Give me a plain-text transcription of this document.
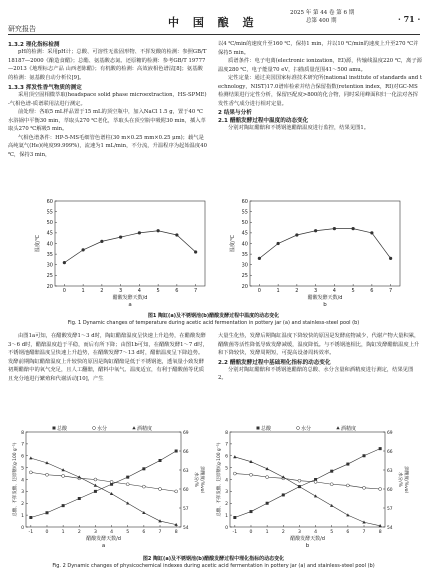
研究报告	中 国 酿 造
2025 年 第 44 卷 第 6 期
总第 400 期	· 71 ·
1.3.2 理化指标检测
pH的检测：采用pH计；总酸、可溶性无盐固形物、不挥发酸的检测：参照GB/T 18187—2000《酿造食醋》；总酯、氨基酸态氮、还原糖的检测：参考GB/T 19777—2013《地理标志产品 山西老陈醋》；有机酸的检测：高效液相色谱法[8]；氨基酸的检测：氨基酸自动分析仪[9]。
1.3.3 挥发性香气物质的测定
采用顶空固相微萃取(headspace solid phase microextraction，HS-SPME)-气相色谱-质谱联用法进行测定。
前处理：各取5 mL样品置于15 mL的顶空瓶中，加入NaCl 1.5 g，置于40 ℃水浴锅中平衡30 min，萃取头270 ℃老化，萃取头在顶空瓶中吸附30 min，插入萃取头270 ℃解吸5 min。
气相色谱条件：HP-5-MS毛细管色谱柱(30 m×0.25 mm×0.25 μm)；载气是高纯氦气(He)(纯度99.999%)，流速为1 mL/min，不分流，升温程序为起始温度40 ℃，保持3 min，
以4 ℃/min的速度升至160 ℃，保持1 min，并以10 ℃/min的速度上升至270 ℃并保持5 min。
质谱条件：电子电离(electronic ionization，EI)源，传输线温度220 ℃，离子源温度280 ℃，电子能量70 eV，扫描质量范围41～500 amu。
定性定量：通过美国国家标准技术研究所(national institute of standards and technology，NIST)17.0谱库检索并结合保留指数(retention index，RI)对GC-MS检测结果进行定性分析，保留匹配度>800的化合物，同时采用峰面积归一化法对各挥发性香气成分进行相对定量。
2 结果与分析
2.1 醋醅发酵过程中温度的动态变化
分别对陶缸醋醅和不锈钢池醋醅温度进行监控，结果见图1。
60
55
50
45
40
35
30
25
20
0	1	2	3	4	5	6	7
醋酸发酵天数/d
温度/℃
a
60
55
50
45
40
35
30
25
20
0	1	2	3	4	5	6	7
醋酸发酵天数/d
温度/℃
b
图1 陶缸(a)及不锈钢池(b)醋酸发酵过程中温度的动态变化
Fig. 1 Dynamic changes of temperature during acetic acid fermentation in pottery jar (a) and stainless-steel pool (b)
由图1a可知，在醋酸发酵1～3 d时，陶缸醋醅温度呈快速上升趋势，在醋酸发酵3～6 d时，醋醅温度趋于平稳，而后有所下降；由图1b可知，在醋酸发酵1～7 d时，不锈钢池醋醅温度呈快速上升趋势，在醋酸发酵7～13 d时，醋醅温度呈下降趋势。发酵前期陶缸醋醅温度上升较快的原因是陶缸醋醅是低于不锈钢池，透氧量小致发酵初期醋醅中的氧气充足，且人工翻醅，醋料中氧气、温度适宜，有利于醋酸菌等优质且充分地进行繁殖和代谢活动[10]，产生
大量生化热，发酵后期陶缸温度下降较快的原因是发酵底物减少，代谢产物大量积累，醋酸菌等活性降低导致发酵减缓，温度降低。与不锈钢池相比，陶缸发酵醋醅温度上升和下降较快，发酵周期短，可提高设备周转效率。
2.2 醋醅发酵过程中基础理化指标的动态变化
分别对陶缸醋醅和不锈钢池醋醅的总酸、水分含量和酒精度进行测定，结果见图2。
0
1
2
3
4
5
6
7
8
54
57
60
63
66
69
-1	0	1	2	3	4	5	6	7	8
醋酸发酵天数/d
总酸、不挥发酸、还原糖/(g·100 g⁻¹)	水分/% 酒精度/%vol
总酸	水分	酒精度
a
0
1
2
3
4
5
6
7
8
54
57
60
63
66
69
-1	0	1	2	3	4	5	6	7	8
醋酸发酵天数/d
总酸、不挥发酸、还原糖/(g·100 g⁻¹)	水分/% 酒精度/%vol
总酸	水分	酒精度
b
图2 陶缸(a)及不锈钢池(b)醋酸发酵过程中理化指标的动态变化
Fig. 2 Dynamic changes of physicochemical indexes during acetic acid fermentation in pottery jar (a) and stainless-steel pool (b)
